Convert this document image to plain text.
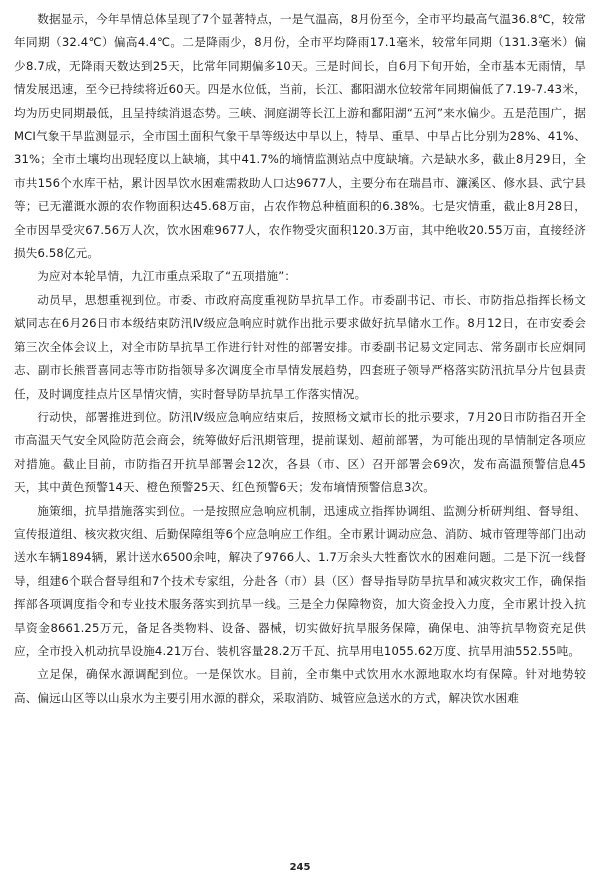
数据显示，今年旱情总体呈现了7个显著特点，一是气温高，8月份至今，全市平均最高气温36.8℃，较常年同期（32.4℃）偏高4.4℃。二是降雨少，8月份，全市平均降雨17.1毫米，较常年同期（131.3毫米）偏少8.7成，无降雨天数达到25天，比常年同期偏多10天。三是时间长，自6月下旬开始，全市基本无雨情，旱情发展迅速，至今已持续将近60天。四是水位低，当前，长江、鄱阳湖水位较常年同期偏低了7.19-7.43米，均为历史同期最低，且呈持续消退态势。三峡、洞庭湖等长江上游和鄱阳湖“五河”来水偏少。五是范围广，据MCI气象干旱监测显示，全市国土面积气象干旱等级达中旱以上，特旱、重旱、中旱占比分别为28%、41%、31%；全市土壤均出现轻度以上缺墒，其中41.7%的墒情监测站点中度缺墒。六是缺水多，截止8月29日，全市共156个水库干枯，累计因旱饮水困难需救助人口达9677人，主要分布在瑞昌市、濂溪区、修水县、武宁县等；已无灌溉水源的农作物面积达45.68万亩，占农作物总种植面积的6.38%。七是灾情重，截止8月28日，全市因旱受灾67.56万人次，饮水困难9677人，农作物受灾面积120.3万亩，其中绝收20.55万亩，直接经济损失6.58亿元。

为应对本轮旱情，九江市重点采取了“五项措施”：

动员早，思想重视到位。市委、市政府高度重视防旱抗旱工作。市委副书记、市长、市防指总指挥长杨文斌同志在6月26日市本级结束防汛Ⅳ级应急响应时就作出批示要求做好抗旱储水工作。8月12日，在市安委会第三次全体会议上，对全市防旱抗旱工作进行针对性的部署安排。市委副书记易文定同志、常务副市长应炯同志、副市长熊晋喜同志等市防指领导多次调度全市旱情发展趋势，四套班子领导严格落实防汛抗旱分片包县责任，及时调度挂点片区旱情灾情，实时督导防旱抗旱工作落实情况。

行动快，部署推进到位。防汛Ⅳ级应急响应结束后，按照杨文斌市长的批示要求，7月20日市防指召开全市高温天气安全风险防范会商会，统筹做好后汛期管理，提前谋划、超前部署，为可能出现的旱情制定各项应对措施。截止目前，市防指召开抗旱部署会12次，各县（市、区）召开部署会69次，发布高温预警信息45天，其中黄色预警14天、橙色预警25天、红色预警6天；发布墒情预警信息3次。

施策细，抗旱措施落实到位。一是按照应急响应机制，迅速成立指挥协调组、监测分析研判组、督导组、宣传报道组、核灾救灾组、后勤保障组等6个应急响应工作组。全市累计调动应急、消防、城市管理等部门出动送水车辆1894辆，累计送水6500余吨，解决了9766人、1.7万余头大牲畜饮水的困难问题。二是下沉一线督导，组建6个联合督导组和7个技术专家组，分赴各（市）县（区）督导指导防旱抗旱和减灾救灾工作，确保指挥部各项调度指令和专业技术服务落实到抗旱一线。三是全力保障物资，加大资金投入力度，全市累计投入抗旱资金8661.25万元，备足各类物料、设备、器械，切实做好抗旱服务保障，确保电、油等抗旱物资充足供应，全市投入机动抗旱设施4.21万台、装机容量28.2万千瓦、抗旱用电1055.62万度、抗旱用油552.55吨。

立足保，确保水源调配到位。一是保饮水。目前，全市集中式饮用水水源地取水均有保障。针对地势较高、偏远山区等以山泉水为主要引用水源的群众，采取消防、城管应急送水的方式，解决饮水困难

245
